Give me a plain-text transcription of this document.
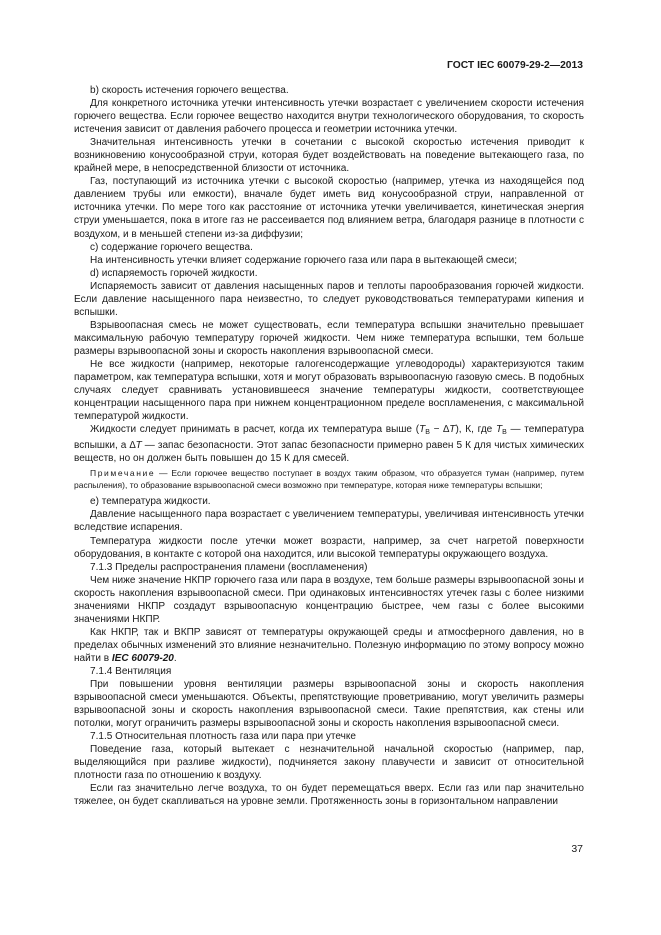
ГОСТ IEC 60079-29-2—2013

b) скорость истечения горючего вещества.

Для конкретного источника утечки интенсивность утечки возрастает с увеличением скорости истечения горючего вещества. Если горючее вещество находится внутри технологического оборудования, то скорость истечения зависит от давления рабочего процесса и геометрии источника утечки.

Значительная интенсивность утечки в сочетании с высокой скоростью истечения приводит к возникновению конусообразной струи, которая будет воздействовать на поведение вытекающего газа, по крайней мере, в непосредственной близости от источника.

Газ, поступающий из источника утечки с высокой скоростью (например, утечка из находящейся под давлением трубы или емкости), вначале будет иметь вид конусообразной струи, направленной от источника утечки. По мере того как расстояние от источника утечки увеличивается, кинетическая энергия струи уменьшается, пока в итоге газ не рассеивается под влиянием ветра, благодаря разнице в плотности с воздухом, и в меньшей степени из-за диффузии;

c) содержание горючего вещества.

На интенсивность утечки влияет содержание горючего газа или пара в вытекающей смеси;

d) испаряемость горючей жидкости.

Испаряемость зависит от давления насыщенных паров и теплоты парообразования горючей жидкости. Если давление насыщенного пара неизвестно, то следует руководствоваться температурами кипения и вспышки.

Взрывоопасная смесь не может существовать, если температура вспышки значительно превышает максимальную рабочую температуру горючей жидкости. Чем ниже температура вспышки, тем больше размеры взрывоопасной зоны и скорость накопления взрывоопасной смеси.

Не все жидкости (например, некоторые галогенсодержащие углеводороды) характеризуются таким параметром, как температура вспышки, хотя и могут образовать взрывоопасную газовую смесь. В подобных случаях следует сравнивать установившееся значение температуры жидкости, соответствующее концентрации насыщенного пара при нижнем концентрационном пределе воспламенения, с максимальной температурой жидкости.

Жидкости следует принимать в расчет, когда их температура выше $(T_B - \Delta T)$, К, где $T_B$ — температура вспышки, а ∆T — запас безопасности. Этот запас безопасности примерно равен 5 К для чистых химических веществ, но он должен быть повышен до 15 К для смесей.

Примечание — Если горючее вещество поступает в воздух таким образом, что образуется туман (например, путем распыления), то образование взрывоопасной смеси возможно при температуре, которая ниже температуры вспышки;

e) температура жидкости.

Давление насыщенного пара возрастает с увеличением температуры, увеличивая интенсивность утечки вследствие испарения.

Температура жидкости после утечки может возрасти, например, за счет нагретой поверхности оборудования, в контакте с которой она находится, или высокой температуры окружающего воздуха.

7.1.3 Пределы распространения пламени (воспламенения)

Чем ниже значение НКПР горючего газа или пара в воздухе, тем больше размеры взрывоопасной зоны и скорость накопления взрывоопасной смеси. При одинаковых интенсивностях утечек газы с более низкими значениями НКПР создадут взрывоопасную концентрацию быстрее, чем газы с более высокими значениями НКПР.

Как НКПР, так и ВКПР зависят от температуры окружающей среды и атмосферного давления, но в пределах обычных изменений это влияние незначительно. Полезную информацию по этому вопросу можно найти в IEC 60079-20.

7.1.4 Вентиляция

При повышении уровня вентиляции размеры взрывоопасной зоны и скорость накопления взрывоопасной смеси уменьшаются. Объекты, препятствующие проветриванию, могут увеличить размеры взрывоопасной зоны и скорость накопления взрывоопасной смеси. Такие препятствия, как стены или потолки, могут ограничить размеры взрывоопасной зоны и скорость накопления взрывоопасной смеси.

7.1.5 Относительная плотность газа или пара при утечке

Поведение газа, который вытекает с незначительной начальной скоростью (например, пар, выделяющийся при разливе жидкости), подчиняется закону плавучести и зависит от относительной плотности газа по отношению к воздуху.

Если газ значительно легче воздуха, то он будет перемещаться вверх. Если газ или пар значительно тяжелее, он будет скапливаться на уровне земли. Протяженность зоны в горизонтальном направлении

37
